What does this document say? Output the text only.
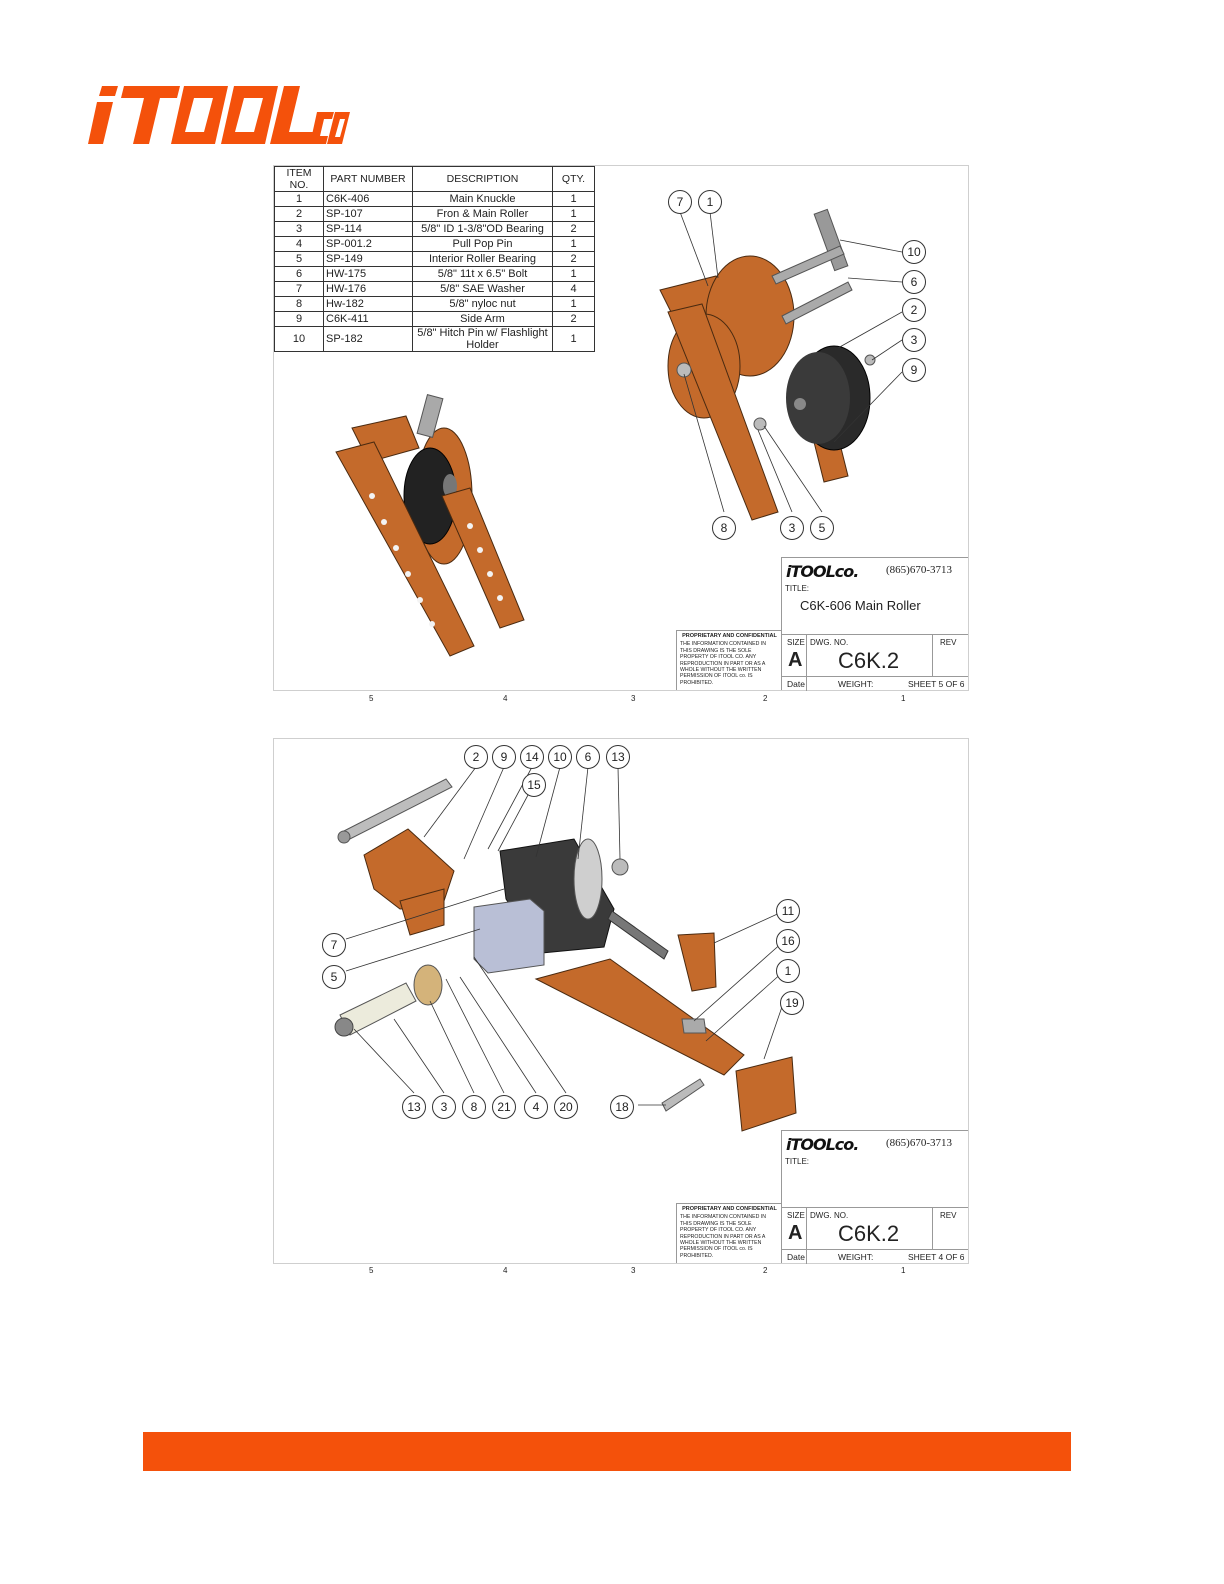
ITEM NO.	PART NUMBER	DESCRIPTION	QTY.
1	C6K-406	Main Knuckle	1
2	SP-107	Fron & Main Roller	1
3	SP-114	5/8" ID 1-3/8"OD Bearing	2
4	SP-001.2	Pull Pop Pin	1
5	SP-149	Interior Roller Bearing	2
6	HW-175	5/8" 11t x 6.5" Bolt	1
7	HW-176	5/8" SAE Washer	4
8	Hw-182	5/8" nyloc nut	1
9	C6K-411	Side Arm	2
10	SP-182	5/8" Hitch Pin w/ Flashlight Holder	1
7	1
10
6
2
3
9
8	3	5
PROPRIETARY AND CONFIDENTIAL
THE INFORMATION CONTAINED IN THIS DRAWING IS THE SOLE PROPERTY OF ITOOL CO. ANY REPRODUCTION IN PART OR AS A WHOLE WITHOUT THE WRITTEN PERMISSION OF ITOOL co. IS PROHIBITED.
iTOOLco.	(865)670-3713
TITLE:
C6K-606 Main Roller
SIZE
A
DWG. NO.
C6K.2
REV
Date	WEIGHT:	SHEET 5 OF 6
5	4	3	2	1
2	9	14	10	6	13
15
7
5
11
16
1
19
13	3	8	21	4	20	18
PROPRIETARY AND CONFIDENTIAL
THE INFORMATION CONTAINED IN THIS DRAWING IS THE SOLE PROPERTY OF ITOOL CO. ANY REPRODUCTION IN PART OR AS A WHOLE WITHOUT THE WRITTEN PERMISSION OF ITOOL co. IS PROHIBITED.
iTOOLco.	(865)670-3713
TITLE:
SIZE
A
DWG. NO.
C6K.2
REV
Date	WEIGHT:	SHEET 4 OF 6
5	4	3	2	1
